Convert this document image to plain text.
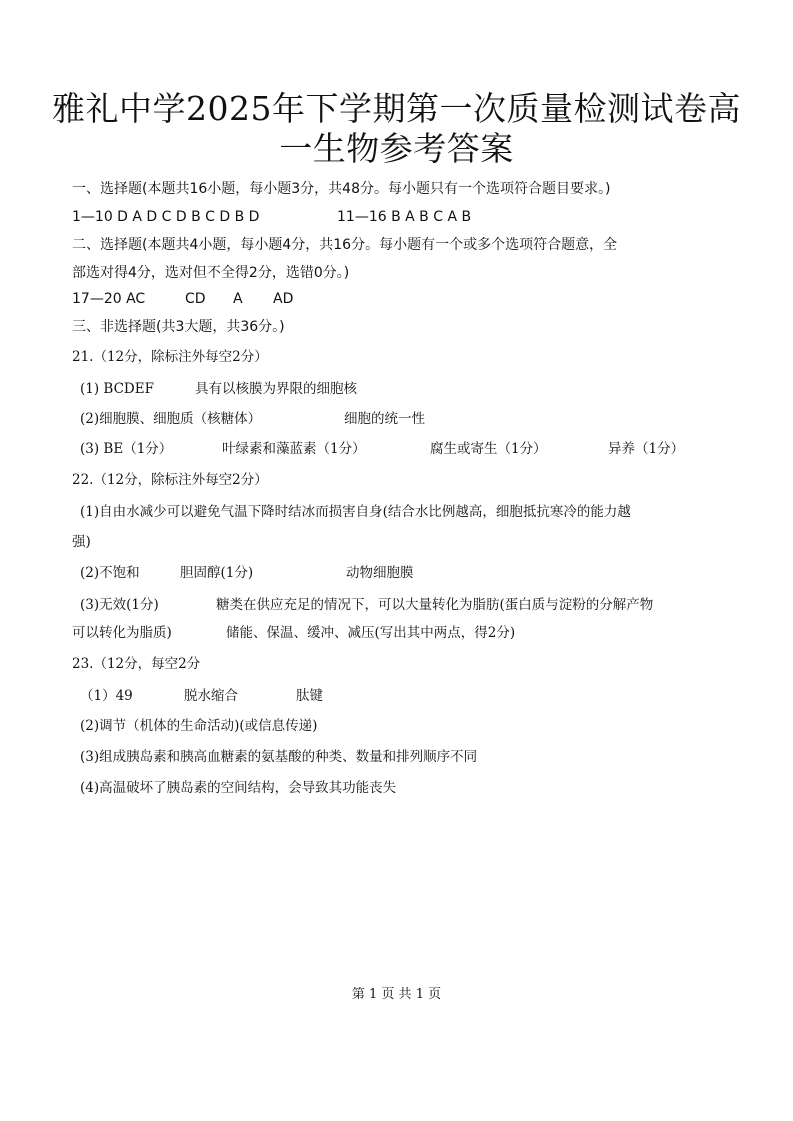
雅礼中学2025年下学期第一次质量检测试卷高
一生物参考答案
一、选择题(本题共16小题，每小题3分，共48分。每小题只有一个选项符合题目要求。)
1—10 D A D C D B C D B D	11—16 B A B C A B
二、选择题(本题共4小题，每小题4分，共16分。每小题有一个或多个选项符合题意，全
部选对得4分，选对但不全得2分，选错0分。)
17—20 AC	CD A AD
三、非选择题(共3大题，共36分。)
21.（12分，除标注外每空2分）
(1) BCDEF	具有以核膜为界限的细胞核
(2)细胞膜、细胞质（核糖体）	细胞的统一性
(3) BE（1分）	叶绿素和藻蓝素（1分）	腐生或寄生（1分）	异养（1分）
22.（12分，除标注外每空2分）
(1)自由水减少可以避免气温下降时结冰而损害自身(结合水比例越高，细胞抵抗寒冷的能力越
强)
(2)不饱和	胆固醇(1分)	动物细胞膜
(3)无效(1分)	糖类在供应充足的情况下，可以大量转化为脂肪(蛋白质与淀粉的分解产物
可以转化为脂质)	储能、保温、缓冲、减压(写出其中两点，得2分)
23.（12分，每空2分
（1）49	脱水缩合	肽键
(2)调节（机体的生命活动)(或信息传递)
(3)组成胰岛素和胰高血糖素的氨基酸的种类、数量和排列顺序不同
(4)高温破坏了胰岛素的空间结构，会导致其功能丧失
第 1 页 共 1 页
